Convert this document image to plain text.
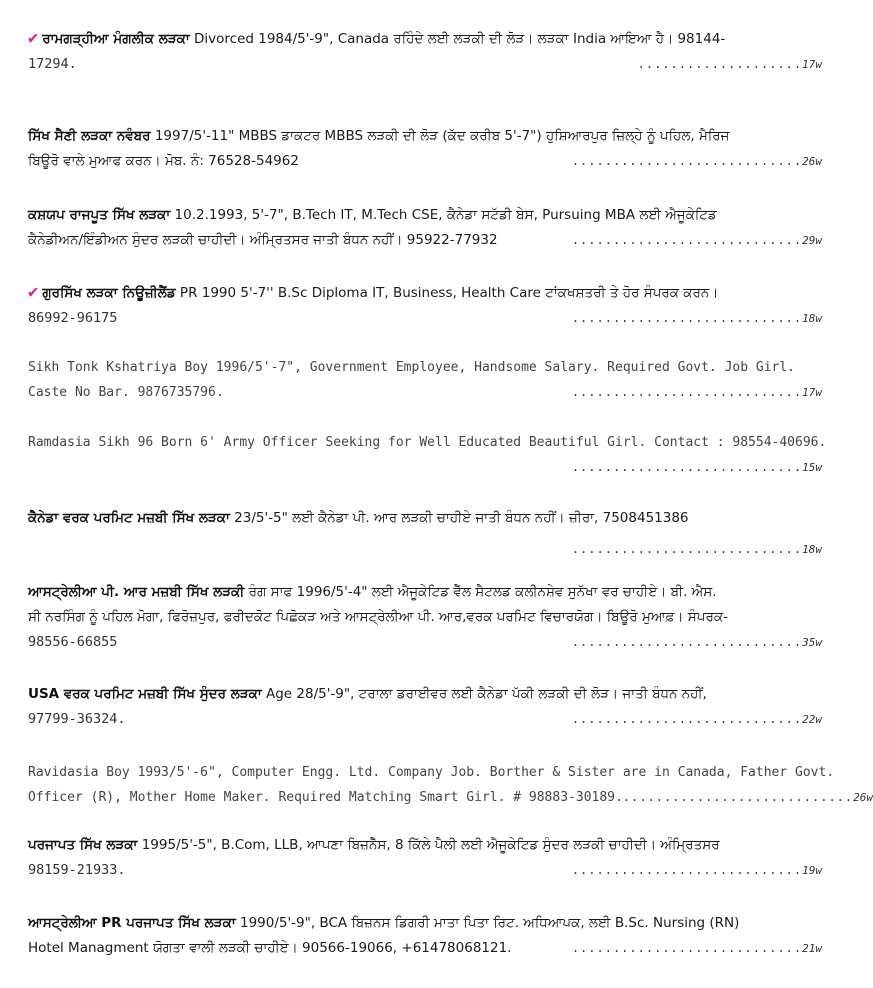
✔ ਰਾਮਗੜ੍ਹੀਆ ਮੰਗਲੀਕ ਲੜਕਾ Divorced 1984/5'-9", Canada ਰਹਿੰਦੇ ਲਈ ਲੜਕੀ ਦੀ ਲੋੜ। ਲੜਕਾ India ਆਇਆ ਹੈ। 98144-
17294.	....................17w
ਸਿੱਖ ਸੈਣੀ ਲੜਕਾ ਨਵੰਬਰ 1997/5'-11" MBBS ਡਾਕਟਰ MBBS ਲੜਕੀ ਦੀ ਲੋੜ (ਕੱਦ ਕਰੀਬ 5'-7") ਹੁਸ਼ਿਆਰਪੁਰ ਜ਼ਿਲ੍ਹੇ ਨੂੰ ਪਹਿਲ, ਮੈਰਿਜ
ਬਿਊਰੋ ਵਾਲੇ ਮੁਆਫ ਕਰਨ। ਮੋਬ. ਨੰ: 76528-54962	............................26w
ਕਸ਼ਯਪ ਰਾਜਪੂਤ ਸਿੱਖ ਲੜਕਾ 10.2.1993, 5'-7", B.Tech IT, M.Tech CSE, ਕੈਨੇਡਾ ਸਟੱਡੀ ਬੇਸ, Pursuing MBA ਲਈ ਐਜੂਕੇਟਿਡ
ਕੈਨੇਡੀਅਨ/ਇੰਡੀਅਨ ਸੁੰਦਰ ਲੜਕੀ ਚਾਹੀਦੀ। ਅੰਮ੍ਰਿਤਸਰ ਜਾਤੀ ਬੰਧਨ ਨਹੀਂ। 95922-77932	............................29w
✔ ਗੁਰਸਿੱਖ ਲੜਕਾ ਨਿਊਜ਼ੀਲੈਂਡ PR 1990 5'-7'' B.Sc Diploma IT, Business, Health Care ਟਾਂਕਖਸ਼ਤਰੀ ਤੇ ਹੋਰ ਸੰਪਰਕ ਕਰਨ।
86992-96175	............................18w
Sikh Tonk Kshatriya Boy 1996/5'-7", Government Employee, Handsome Salary. Required Govt. Job Girl.
Caste No Bar. 9876735796.	............................17w
Ramdasia Sikh 96 Born 6' Army Officer Seeking for Well Educated Beautiful Girl. Contact : 98554-40696.
............................15w
ਕੈਨੇਡਾ ਵਰਕ ਪਰਮਿਟ ਮਜ਼ਬੀ ਸਿੱਖ ਲੜਕਾ 23/5'-5" ਲਈ ਕੈਨੇਡਾ ਪੀ. ਆਰ ਲੜਕੀ ਚਾਹੀਏ ਜਾਤੀ ਬੰਧਨ ਨਹੀਂ। ਜ਼ੀਰਾ, 7508451386
............................18w
ਆਸਟ੍ਰੇਲੀਆ ਪੀ. ਆਰ ਮਜ਼ਬੀ ਸਿੱਖ ਲੜਕੀ ਰੰਗ ਸਾਫ 1996/5'-4" ਲਈ ਐਜੂਕੇਟਿਡ ਵੈੱਲ ਸੈਟਲਡ ਕਲੀਨਸ਼ੇਵ ਸੁਨੱਖਾ ਵਰ ਚਾਹੀਏ। ਬੀ. ਐਸ.
ਸੀ ਨਰਸਿੰਗ ਨੂੰ ਪਹਿਲ ਮੋਗਾ, ਫਿਰੋਜ਼ਪੁਰ, ਫਰੀਦਕੋਟ ਪਿਛੋਕੜ ਅਤੇ ਆਸਟ੍ਰੇਲੀਆ ਪੀ. ਆਰ,ਵਰਕ ਪਰਮਿਟ ਵਿਚਾਰਯੋਗ। ਬਿਊਰੋ ਮੁਆਫ਼। ਸੰਪਰਕ-
98556-66855	............................35w
USA ਵਰਕ ਪਰਮਿਟ ਮਜ਼ਬੀ ਸਿੱਖ ਸੁੰਦਰ ਲੜਕਾ Age 28/5'-9", ਟਰਾਲਾ ਡਰਾਈਵਰ ਲਈ ਕੈਨੇਡਾ ਪੱਕੀ ਲੜਕੀ ਦੀ ਲੋੜ। ਜਾਤੀ ਬੰਧਨ ਨਹੀਂ,
97799-36324.	............................22w
Ravidasia Boy 1993/5'-6", Computer Engg. Ltd. Company Job. Borther & Sister are in Canada, Father Govt.
Officer (R), Mother Home Maker. Required Matching Smart Girl. # 98883-30189. ............................26w
ਪਰਜਾਪਤ ਸਿੱਖ ਲੜਕਾ 1995/5'-5", B.Com, LLB, ਆਪਣਾ ਬਿਜ਼ਨੈੱਸ, 8 ਕਿੱਲੇ ਪੈਲੀ ਲਈ ਐਜੂਕੇਟਿਡ ਸੁੰਦਰ ਲੜਕੀ ਚਾਹੀਦੀ। ਅੰਮ੍ਰਿਤਸਰ
98159-21933.	............................19w
ਆਸਟ੍ਰੇਲੀਆ PR ਪਰਜਾਪਤ ਸਿੱਖ ਲੜਕਾ 1990/5'-9", BCA ਬਿਜ਼ਨਸ ਡਿਗਰੀ ਮਾਤਾ ਪਿਤਾ ਰਿਟ. ਅਧਿਆਪਕ, ਲਈ B.Sc. Nursing (RN)
Hotel Managment ਯੋਗਤਾ ਵਾਲੀ ਲੜਕੀ ਚਾਹੀਏ। 90566-19066, +61478068121.	............................21w
